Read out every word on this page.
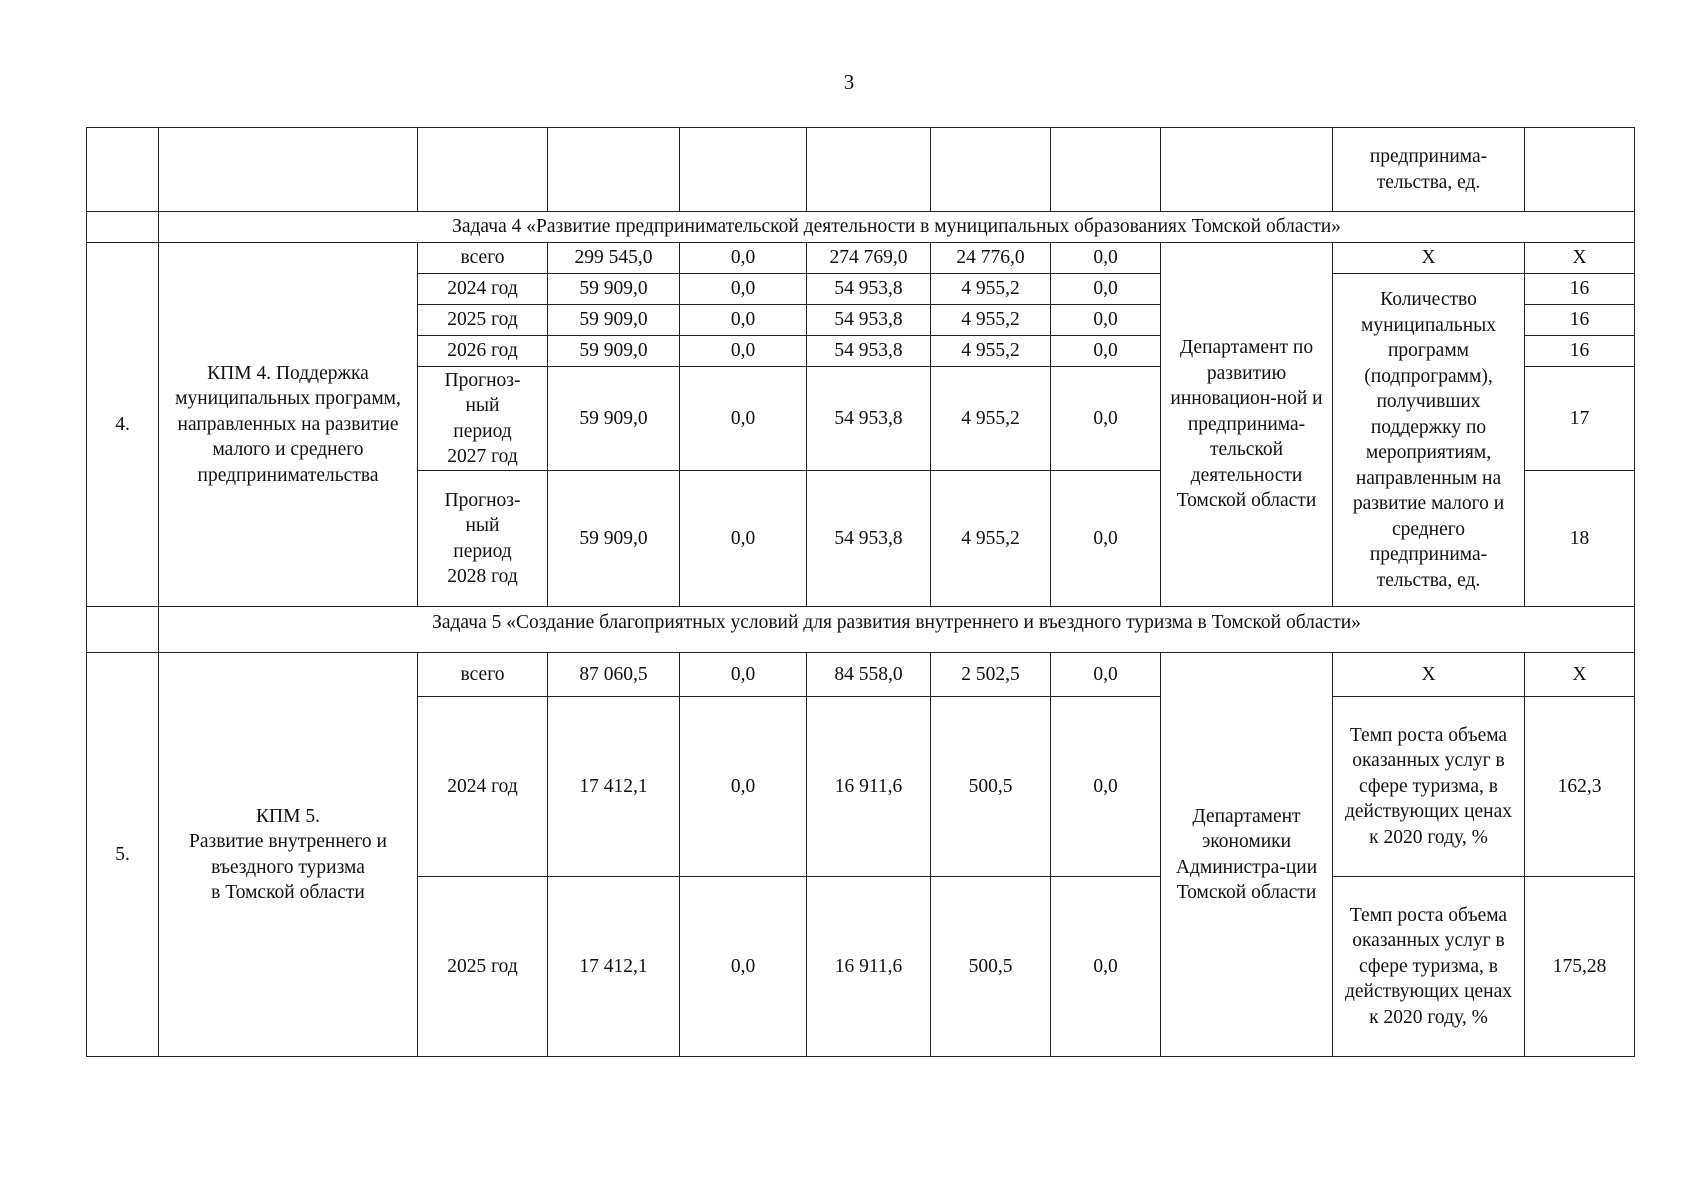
3
									предпринима-
тельства, ед.	
	Задача 4 «Развитие предпринимательской деятельности в муниципальных образованиях Томской области»									
4.	КПМ 4. Поддержка муниципальных программ, направленных на развитие малого и среднего предпринимательства	всего	299 545,0	0,0	274 769,0	24 776,0	0,0	Департамент по развитию инновацион-ной и предпринима-тельской деятельности Томской области	Х	Х
		2024 год	59 909,0	0,0	54 953,8	4 955,2	0,0		Количество муниципальных программ (подпрограмм), получивших поддержку по мероприятиям, направленным на развитие малого и среднего предпринима-тельства, ед.	16
		2025 год	59 909,0	0,0	54 953,8	4 955,2	0,0			16
		2026 год	59 909,0	0,0	54 953,8	4 955,2	0,0			16
		Прогноз-
ный
период
2027 год	59 909,0	0,0	54 953,8	4 955,2	0,0			17
		Прогноз-
ный
период
2028 год	59 909,0	0,0	54 953,8	4 955,2	0,0			18
	Задача 5 «Создание благоприятных условий для развития внутреннего и въездного туризма в Томской области»									
5.	КПМ 5.
Развитие внутреннего и въездного туризма
в Томской области	всего	87 060,5	0,0	84 558,0	2 502,5	0,0	Департамент экономики Администра-ции Томской области	Х	Х
		2024 год	17 412,1	0,0	16 911,6	500,5	0,0		Темп роста объема оказанных услуг в сфере туризма, в действующих ценах к 2020 году, %	162,3
		2025 год	17 412,1	0,0	16 911,6	500,5	0,0		Темп роста объема оказанных услуг в сфере туризма, в действующих ценах к 2020 году, %	175,28
